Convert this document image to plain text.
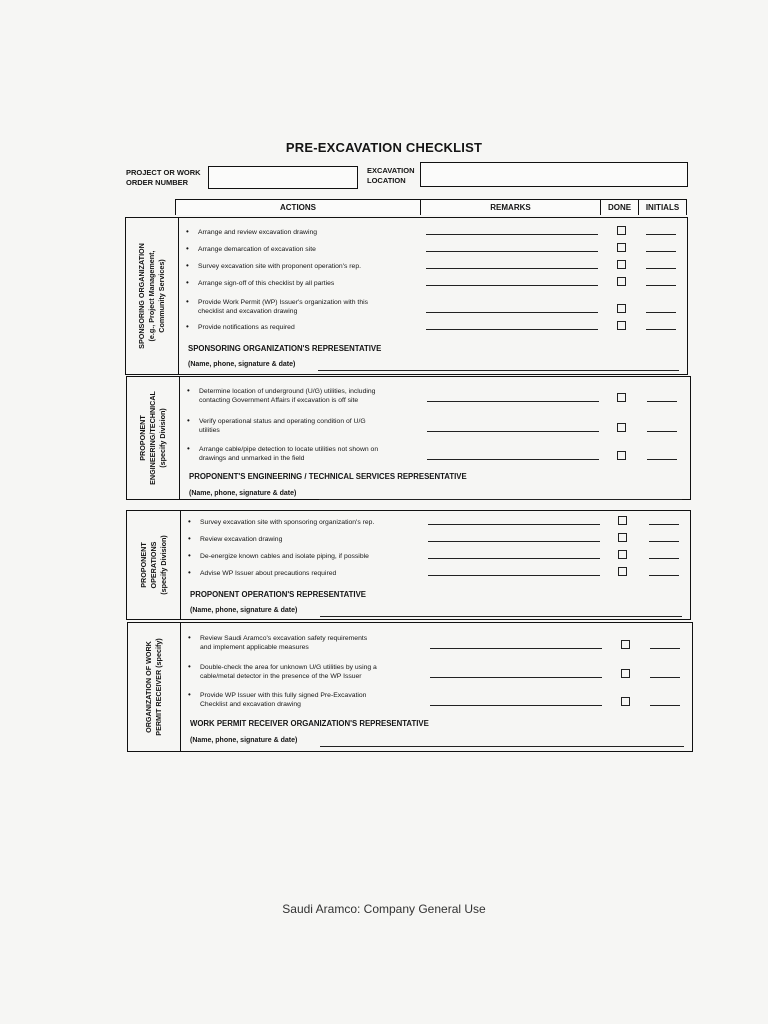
PRE-EXCAVATION CHECKLIST
PROJECT OR WORK
ORDER NUMBER
EXCAVATION
LOCATION
ACTIONS	REMARKS	DONE	INITIALS
SPONSORING ORGANIZATION (e.g., Project Management, Community Services)
• Arrange and review excavation drawing
• Arrange demarcation of excavation site
• Survey excavation site with proponent operation's rep.
• Arrange sign-off of this checklist by all parties
• Provide Work Permit (WP) Issuer's organization with this
checklist and excavation drawing
• Provide notifications as required
SPONSORING ORGANIZATION'S REPRESENTATIVE
(Name, phone, signature & date)
PROPONENT ENGINEERING/TECHNICAL (specify Division)
• Determine location of underground (U/G) utilities, including
contacting Government Affairs if excavation is off site
• Verify operational status and operating condition of U/G
utilities
• Arrange cable/pipe detection to locate utilities not shown on
drawings and unmarked in the field
PROPONENT'S ENGINEERING / TECHNICAL SERVICES REPRESENTATIVE
(Name, phone, signature & date)
PROPONENT OPERATIONS (specify Division)
• Survey excavation site with sponsoring organization's rep.
• Review excavation drawing
• De-energize known cables and isolate piping, if possible
• Advise WP Issuer about precautions required
PROPONENT OPERATION'S REPRESENTATIVE
(Name, phone, signature & date)
ORGANIZATION OF WORK PERMIT RECEIVER (specify)
• Review Saudi Aramco's excavation safety requirements
and implement applicable measures
• Double-check the area for unknown U/G utilities by using a
cable/metal detector in the presence of the WP Issuer
• Provide WP Issuer with this fully signed Pre-Excavation
Checklist and excavation drawing
WORK PERMIT RECEIVER ORGANIZATION'S REPRESENTATIVE
(Name, phone, signature & date)
Saudi Aramco: Company General Use
